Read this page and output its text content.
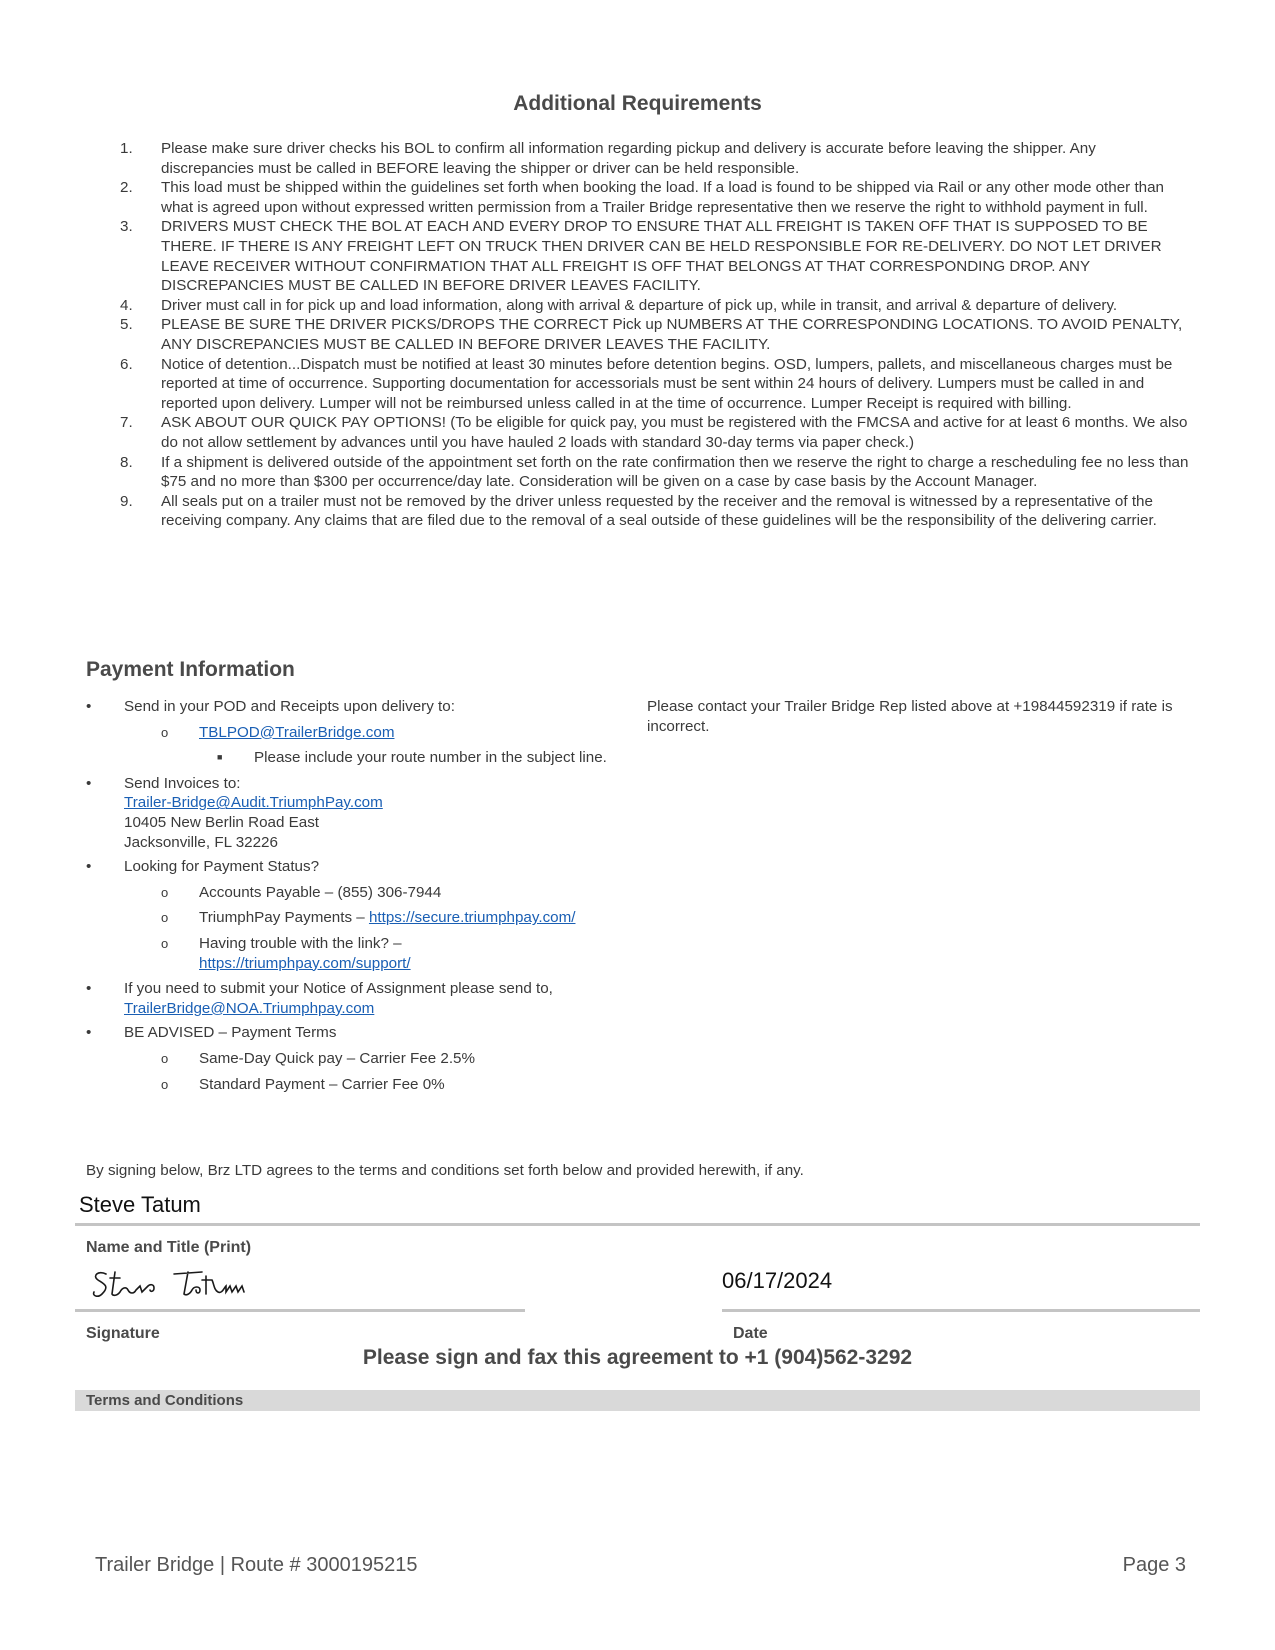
Additional Requirements
1. Please make sure driver checks his BOL to confirm all information regarding pickup and delivery is accurate before leaving the shipper. Any discrepancies must be called in BEFORE leaving the shipper or driver can be held responsible.
2. This load must be shipped within the guidelines set forth when booking the load. If a load is found to be shipped via Rail or any other mode other than what is agreed upon without expressed written permission from a Trailer Bridge representative then we reserve the right to withhold payment in full.
3. DRIVERS MUST CHECK THE BOL AT EACH AND EVERY DROP TO ENSURE THAT ALL FREIGHT IS TAKEN OFF THAT IS SUPPOSED TO BE THERE. IF THERE IS ANY FREIGHT LEFT ON TRUCK THEN DRIVER CAN BE HELD RESPONSIBLE FOR RE-DELIVERY. DO NOT LET DRIVER LEAVE RECEIVER WITHOUT CONFIRMATION THAT ALL FREIGHT IS OFF THAT BELONGS AT THAT CORRESPONDING DROP. ANY DISCREPANCIES MUST BE CALLED IN BEFORE DRIVER LEAVES FACILITY.
4. Driver must call in for pick up and load information, along with arrival & departure of pick up, while in transit, and arrival & departure of delivery.
5. PLEASE BE SURE THE DRIVER PICKS/DROPS THE CORRECT Pick up NUMBERS AT THE CORRESPONDING LOCATIONS. TO AVOID PENALTY, ANY DISCREPANCIES MUST BE CALLED IN BEFORE DRIVER LEAVES THE FACILITY.
6. Notice of detention...Dispatch must be notified at least 30 minutes before detention begins. OSD, lumpers, pallets, and miscellaneous charges must be reported at time of occurrence. Supporting documentation for accessorials must be sent within 24 hours of delivery. Lumpers must be called in and reported upon delivery. Lumper will not be reimbursed unless called in at the time of occurrence. Lumper Receipt is required with billing.
7. ASK ABOUT OUR QUICK PAY OPTIONS! (To be eligible for quick pay, you must be registered with the FMCSA and active for at least 6 months. We also do not allow settlement by advances until you have hauled 2 loads with standard 30-day terms via paper check.)
8. If a shipment is delivered outside of the appointment set forth on the rate confirmation then we reserve the right to charge a rescheduling fee no less than $75 and no more than $300 per occurrence/day late. Consideration will be given on a case by case basis by the Account Manager.
9. All seals put on a trailer must not be removed by the driver unless requested by the receiver and the removal is witnessed by a representative of the receiving company. Any claims that are filed due to the removal of a seal outside of these guidelines will be the responsibility of the delivering carrier.
Payment Information
• Send in your POD and Receipts upon delivery to:
o TBLPOD@TrailerBridge.com
■ Please include your route number in the subject line.
• Send Invoices to:
Trailer-Bridge@Audit.TriumphPay.com
10405 New Berlin Road East
Jacksonville, FL 32226
• Looking for Payment Status?
o Accounts Payable – (855) 306-7944
o TriumphPay Payments – https://secure.triumphpay.com/
o Having trouble with the link? –
https://triumphpay.com/support/
• If you need to submit your Notice of Assignment please send to,
TrailerBridge@NOA.Triumphpay.com
• BE ADVISED – Payment Terms
o Same-Day Quick pay – Carrier Fee 2.5%
o Standard Payment – Carrier Fee 0%
Please contact your Trailer Bridge Rep listed above at +19844592319 if rate is incorrect.
By signing below, Brz LTD agrees to the terms and conditions set forth below and provided herewith, if any.
Steve Tatum
Name and Title (Print)
Signature
06/17/2024
Date
Please sign and fax this agreement to +1 (904)562-3292
Terms and Conditions
Trailer Bridge | Route # 3000195215	Page 3
